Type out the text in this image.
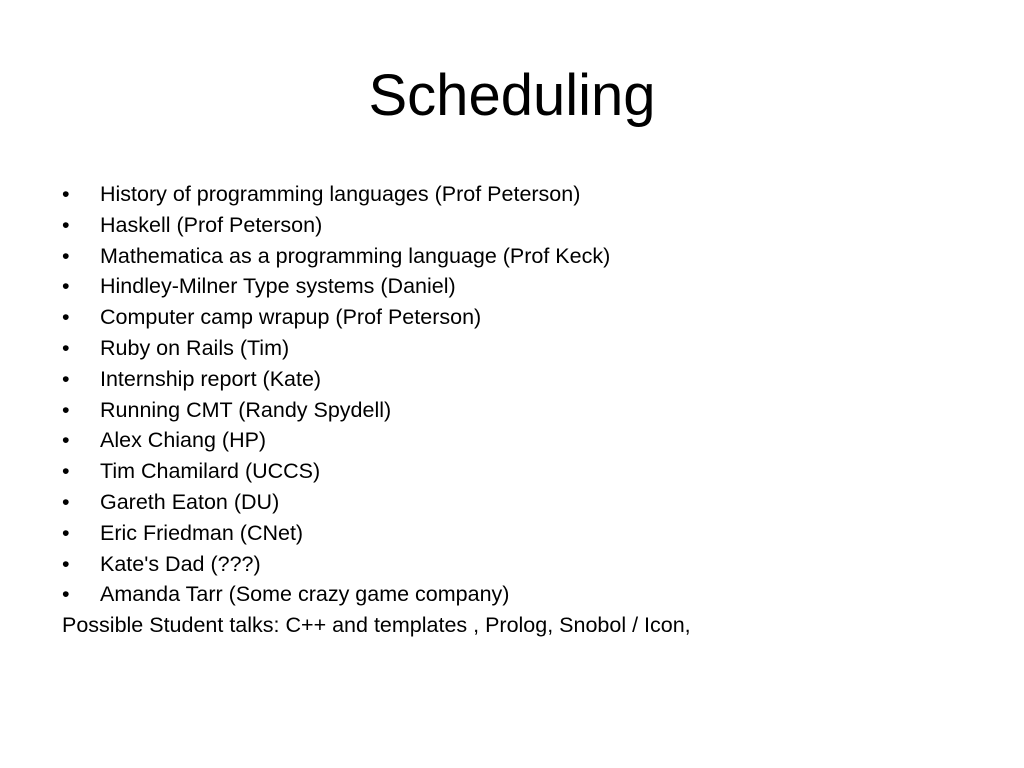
Scheduling
•	History of programming languages (Prof Peterson)
•	Haskell (Prof Peterson)
•	Mathematica as a programming language (Prof Keck)
•	Hindley-Milner Type systems (Daniel)
•	Computer camp wrapup (Prof Peterson)
•	Ruby on Rails (Tim)
•	Internship report (Kate)
•	Running CMT (Randy Spydell)
•	Alex Chiang (HP)
•	Tim Chamilard (UCCS)
•	Gareth Eaton (DU)
•	Eric Friedman (CNet)
•	Kate's Dad (???)
•	Amanda Tarr (Some crazy game company)
Possible Student talks: C++ and templates , Prolog, Snobol / Icon,
